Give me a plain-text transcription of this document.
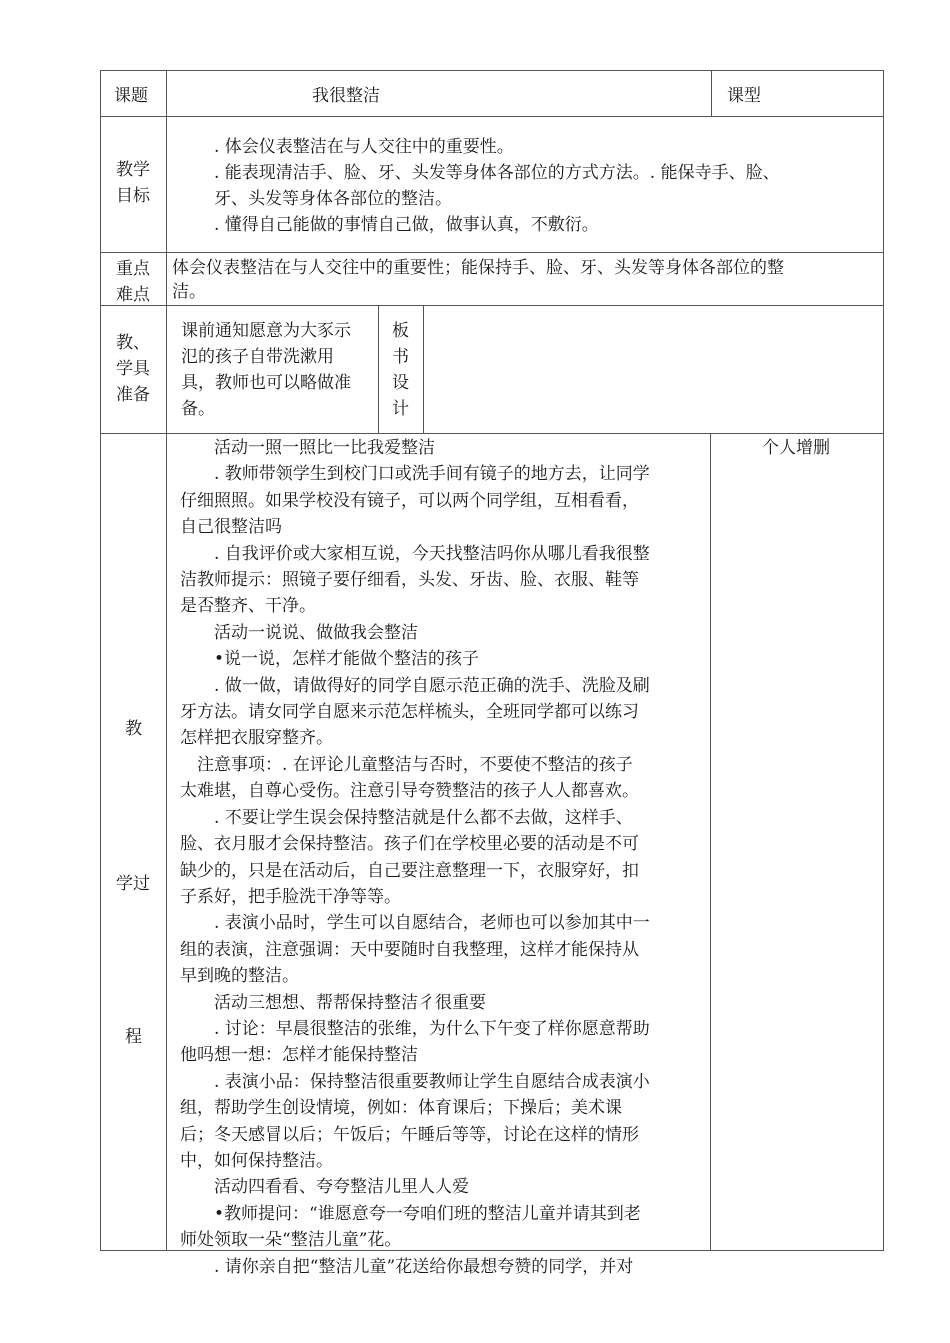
课题	我很整洁	课型
教学
目标

. 体会仪表整洁在与人交往中的重要性。

. 能表现清洁手、脸、牙、头发等身体各部位的方式方法。. 能保寺手、脸、

牙、头发等身体各部位的整洁。

. 懂得自己能做的事情自己做，做事认真，不敷衍。

重点
难点

体会仪表整洁在与人交往中的重要性；能保持手、脸、牙、头发等身体各部位的整

洁。

教、
学具
准备

课前通知愿意为大豕示

氾的孩子自带洗漱用

具，教师也可以略做准

备。

板
书
设
计
教
学过
程
个人增删

　　活动一照一照比一比我爱整洁

　　. 教师带领学生到校门口或洗手间有镜子的地方去，让同学

仔细照照。如果学校没有镜子，可以两个同学组，互相看看，

自己很整洁吗

　　. 自我评价或大家相互说，今天找整洁吗你从哪儿看我很整

洁教师提示：照镜子要仔细看，头发、牙齿、脸、衣服、鞋等

是否整齐、干净。

　　活动一说说、做做我会整洁

　　•说一说，怎样才能做个整洁的孩子

　　. 做一做，请做得好的同学自愿示范正确的洗手、洗脸及刷

牙方法。请女同学自愿来示范怎样梳头，全班同学都可以练习

怎样把衣服穿整齐。

　注意事项：. 在评论儿童整洁与否时，不要使不整洁的孩子

太难堪，自尊心受伤。注意引导夸赞整洁的孩子人人都喜欢。

　　. 不要让学生误会保持整洁就是什么都不去做，这样手、

脸、衣月服才会保持整洁。孩子们在学校里必要的活动是不可

缺少的，只是在活动后，自己要注意整理一下，衣服穿好，扣

子系好，把手脸洗干净等等。

　　. 表演小品时，学生可以自愿结合，老师也可以参加其中一

组的表演，注意强调：天中要随时自我整理，这样才能保持从

早到晚的整洁。

　　活动三想想、帮帮保持整洁彳很重要

　　. 讨论：早晨很整洁的张维，为什么下午变了样你愿意帮助

他吗想一想：怎样才能保持整洁

　　. 表演小品：保持整洁很重要教师让学生自愿结合成表演小

组，帮助学生创设情境，例如：体育课后；下操后；美术课

后；冬天感冒以后；午饭后；午睡后等等，讨论在这样的情形

中，如何保持整洁。

　　活动四看看、夸夸整洁儿里人人爱

　　•教师提问：“谁愿意夸一夸咱们班的整洁儿童并请其到老

师处领取一朵“整洁儿童”花。

　　. 请你亲自把“整洁儿童”花送给你最想夸赞的同学，并对
